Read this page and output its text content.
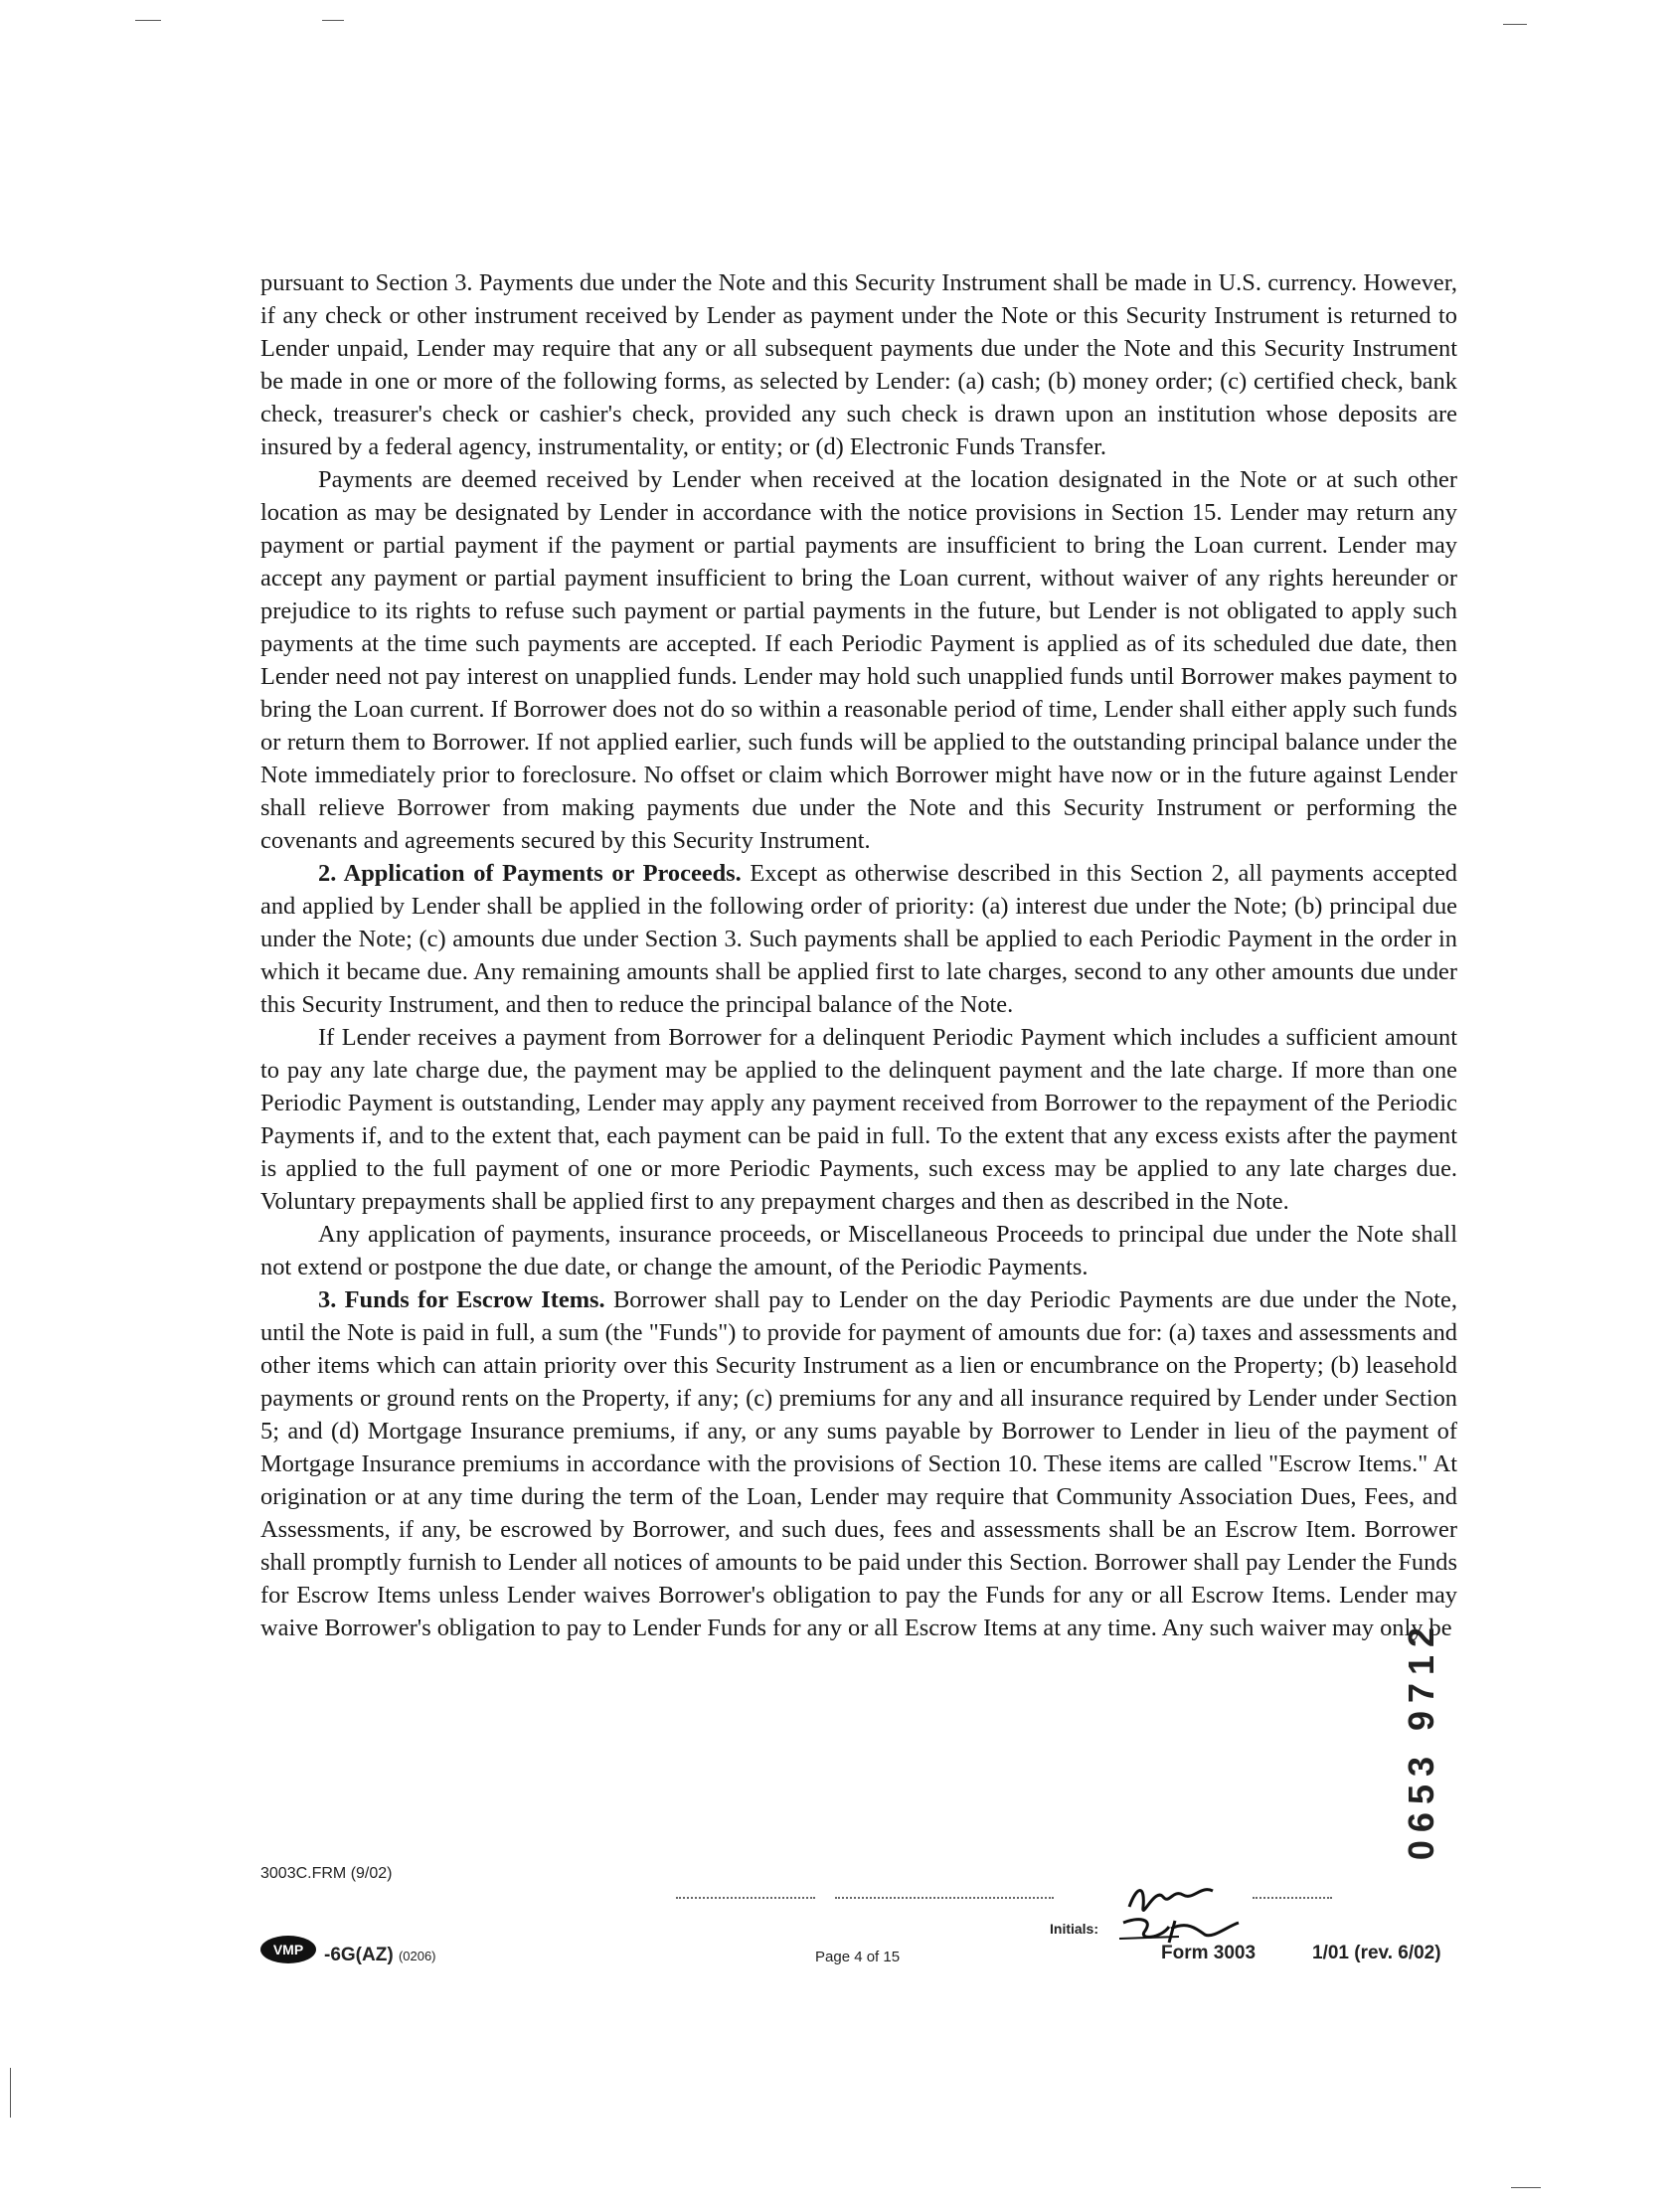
pursuant to Section 3. Payments due under the Note and this Security Instrument shall be made in U.S. currency. However, if any check or other instrument received by Lender as payment under the Note or this Security Instrument is returned to Lender unpaid, Lender may require that any or all subsequent payments due under the Note and this Security Instrument be made in one or more of the following forms, as selected by Lender: (a) cash; (b) money order; (c) certified check, bank check, treasurer's check or cashier's check, provided any such check is drawn upon an institution whose deposits are insured by a federal agency, instrumentality, or entity; or (d) Electronic Funds Transfer.

Payments are deemed received by Lender when received at the location designated in the Note or at such other location as may be designated by Lender in accordance with the notice provisions in Section 15. Lender may return any payment or partial payment if the payment or partial payments are insufficient to bring the Loan current. Lender may accept any payment or partial payment insufficient to bring the Loan current, without waiver of any rights hereunder or prejudice to its rights to refuse such payment or partial payments in the future, but Lender is not obligated to apply such payments at the time such payments are accepted. If each Periodic Payment is applied as of its scheduled due date, then Lender need not pay interest on unapplied funds. Lender may hold such unapplied funds until Borrower makes payment to bring the Loan current. If Borrower does not do so within a reasonable period of time, Lender shall either apply such funds or return them to Borrower. If not applied earlier, such funds will be applied to the outstanding principal balance under the Note immediately prior to foreclosure. No offset or claim which Borrower might have now or in the future against Lender shall relieve Borrower from making payments due under the Note and this Security Instrument or performing the covenants and agreements secured by this Security Instrument.

2. Application of Payments or Proceeds. Except as otherwise described in this Section 2, all payments accepted and applied by Lender shall be applied in the following order of priority: (a) interest due under the Note; (b) principal due under the Note; (c) amounts due under Section 3. Such payments shall be applied to each Periodic Payment in the order in which it became due. Any remaining amounts shall be applied first to late charges, second to any other amounts due under this Security Instrument, and then to reduce the principal balance of the Note.

If Lender receives a payment from Borrower for a delinquent Periodic Payment which includes a sufficient amount to pay any late charge due, the payment may be applied to the delinquent payment and the late charge. If more than one Periodic Payment is outstanding, Lender may apply any payment received from Borrower to the repayment of the Periodic Payments if, and to the extent that, each payment can be paid in full. To the extent that any excess exists after the payment is applied to the full payment of one or more Periodic Payments, such excess may be applied to any late charges due. Voluntary prepayments shall be applied first to any prepayment charges and then as described in the Note.

Any application of payments, insurance proceeds, or Miscellaneous Proceeds to principal due under the Note shall not extend or postpone the due date, or change the amount, of the Periodic Payments.

3. Funds for Escrow Items. Borrower shall pay to Lender on the day Periodic Payments are due under the Note, until the Note is paid in full, a sum (the "Funds") to provide for payment of amounts due for: (a) taxes and assessments and other items which can attain priority over this Security Instrument as a lien or encumbrance on the Property; (b) leasehold payments or ground rents on the Property, if any; (c) premiums for any and all insurance required by Lender under Section 5; and (d) Mortgage Insurance premiums, if any, or any sums payable by Borrower to Lender in lieu of the payment of Mortgage Insurance premiums in accordance with the provisions of Section 10. These items are called "Escrow Items." At origination or at any time during the term of the Loan, Lender may require that Community Association Dues, Fees, and Assessments, if any, be escrowed by Borrower, and such dues, fees and assessments shall be an Escrow Item. Borrower shall promptly furnish to Lender all notices of amounts to be paid under this Section. Borrower shall pay Lender the Funds for Escrow Items unless Lender waives Borrower's obligation to pay the Funds for any or all Escrow Items. Lender may waive Borrower's obligation to pay to Lender Funds for any or all Escrow Items at any time. Any such waiver may only be

0653 9712
3003C.FRM (9/02)
VMP -6G(AZ) (0206)	Page 4 of 15
Initials:
Form 3003	1/01 (rev. 6/02)
